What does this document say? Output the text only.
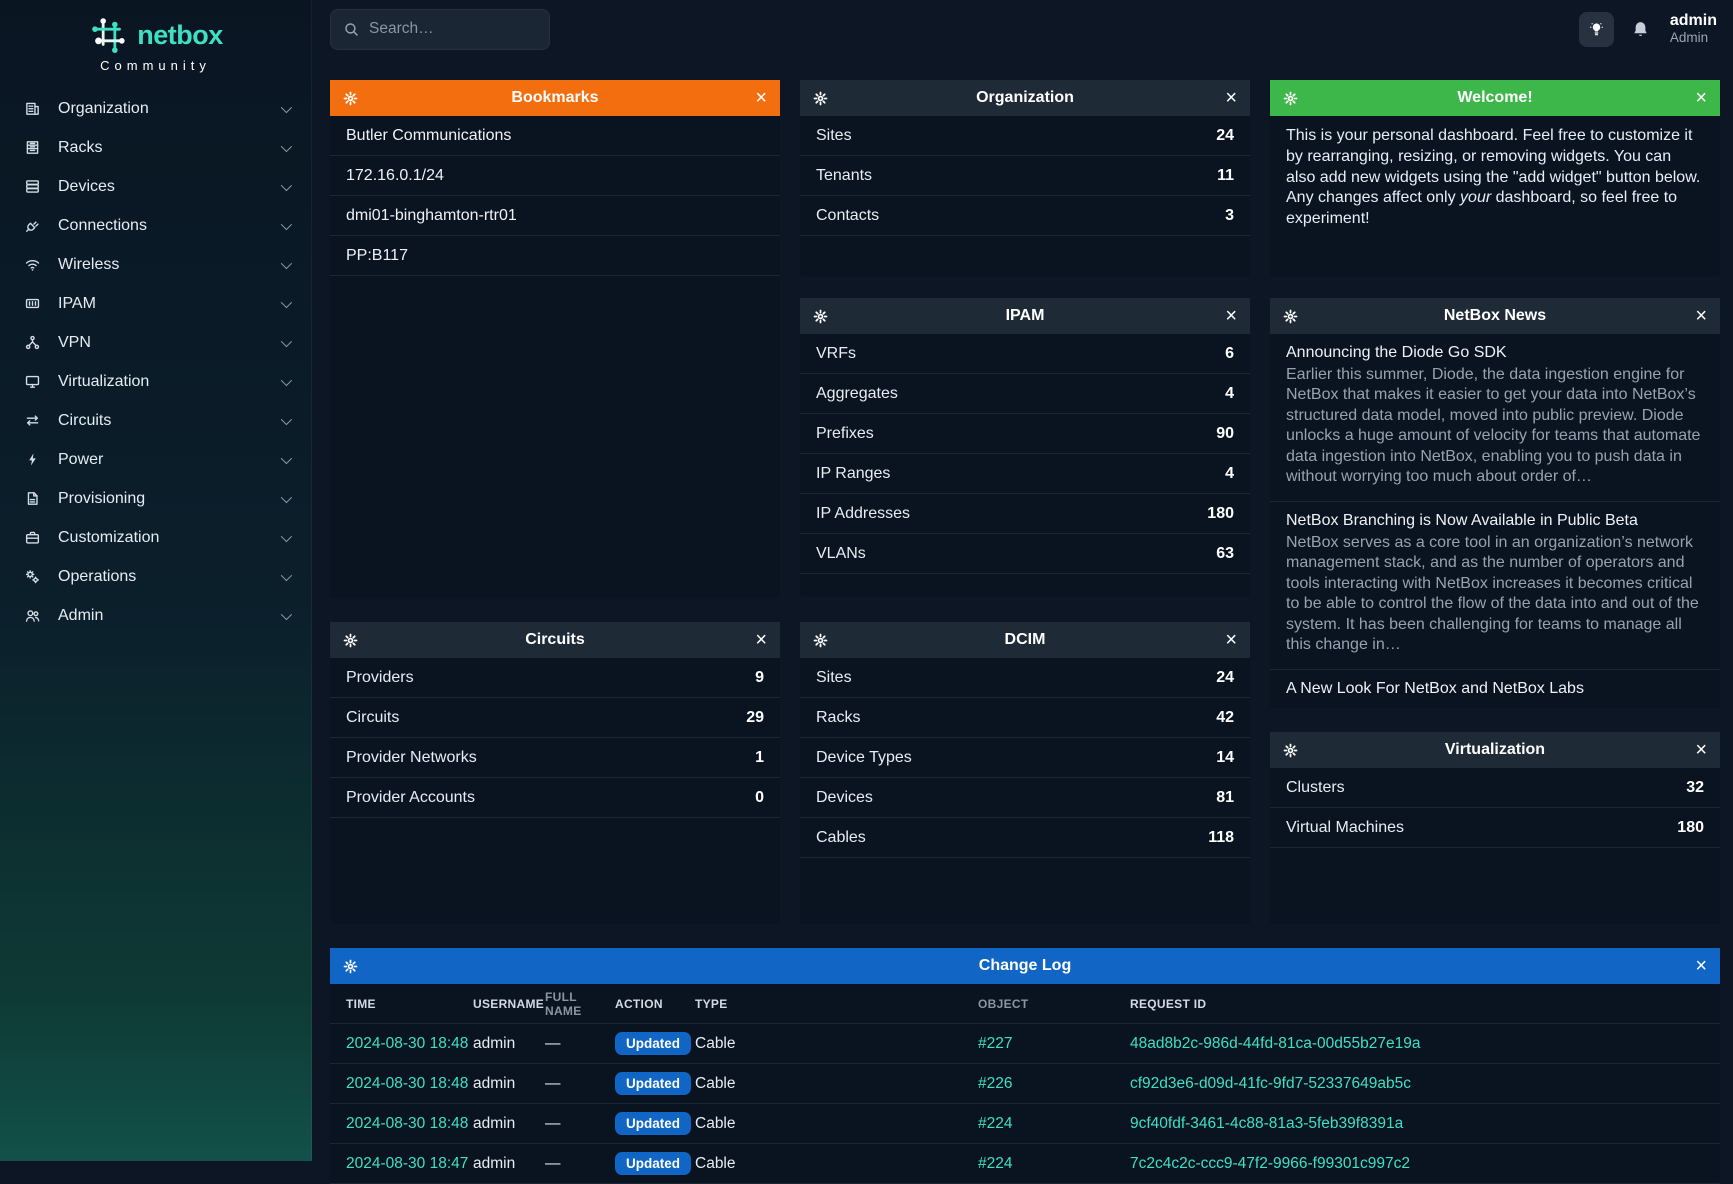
netbox
Community
Organization
Racks
Devices
Connections
Wireless
IPAM
VPN
Virtualization
Circuits
Power
Provisioning
Customization
Operations
Admin
Search…
admin
Admin
Bookmarks	×
Butler Communications
172.16.0.1/24
dmi01-binghamton-rtr01
PP:B117
Circuits	×
Providers	9
Circuits	29
Provider Networks	1
Provider Accounts	0
Organization	×
Sites	24
Tenants	11
Contacts	3
IPAM	×
VRFs	6
Aggregates	4
Prefixes	90
IP Ranges	4
IP Addresses	180
VLANs	63
DCIM	×
Sites	24
Racks	42
Device Types	14
Devices	81
Cables	118
Welcome!	×
This is your personal dashboard. Feel free to customize it by rearranging, resizing, or removing widgets. You can also add new widgets using the "add widget" button below. Any changes affect only your dashboard, so feel free to experiment!
NetBox News	×
Announcing the Diode Go SDK
Earlier this summer, Diode, the data ingestion engine for NetBox that makes it easier to get your data into NetBox’s structured data model, moved into public preview. Diode unlocks a huge amount of velocity for teams that automate data ingestion into NetBox, enabling you to push data in without worrying too much about order of…
NetBox Branching is Now Available in Public Beta
NetBox serves as a core tool in an organization’s network management stack, and as the number of operators and tools interacting with NetBox increases it becomes critical to be able to control the flow of the data into and out of the system. It has been challenging for teams to manage all this change in…
A New Look For NetBox and NetBox Labs
Virtualization	×
Clusters	32
Virtual Machines	180
Change Log	×
TIME	USERNAME FULL NAME	ACTION	TYPE	OBJECT	REQUEST ID
2024-08-30 18:48 admin	—	Updated Cable	#227	48ad8b2c-986d-44fd-81ca-00d55b27e19a
2024-08-30 18:48 admin	—	Updated Cable	#226	cf92d3e6-d09d-41fc-9fd7-52337649ab5c
2024-08-30 18:48 admin	—	Updated Cable	#224	9cf40fdf-3461-4c88-81a3-5feb39f8391a
2024-08-30 18:47 admin	—	Updated Cable	#224	7c2c4c2c-ccc9-47f2-9966-f99301c997c2
